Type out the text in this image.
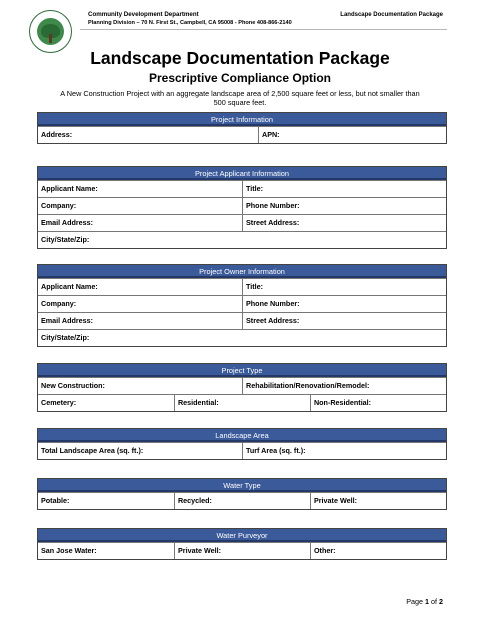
Community Development Department
Planning Division – 70 N. First St., Campbell, CA 95008 - Phone 408-866-2140
Landscape Documentation Package
Landscape Documentation Package
Prescriptive Compliance Option
A New Construction Project with an aggregate landscape area of 2,500 square feet or less, but not smaller than 500 square feet.
Project Information
Address:	APN:
Project Applicant Information
Applicant Name:	Title:
Company:	Phone Number:
Email Address:	Street Address:
City/State/Zip:
Project Owner Information
Applicant Name:	Title:
Company:	Phone Number:
Email Address:	Street Address:
City/State/Zip:
Project Type
New Construction:	Rehabilitation/Renovation/Remodel:
Cemetery:	Residential:	Non-Residential:
Landscape Area
Total Landscape Area (sq. ft.):	Turf Area (sq. ft.):
Water Type
Potable:	Recycled:	Private Well:
Water Purveyor
San Jose Water:	Private Well:	Other:
Page 1 of 2
